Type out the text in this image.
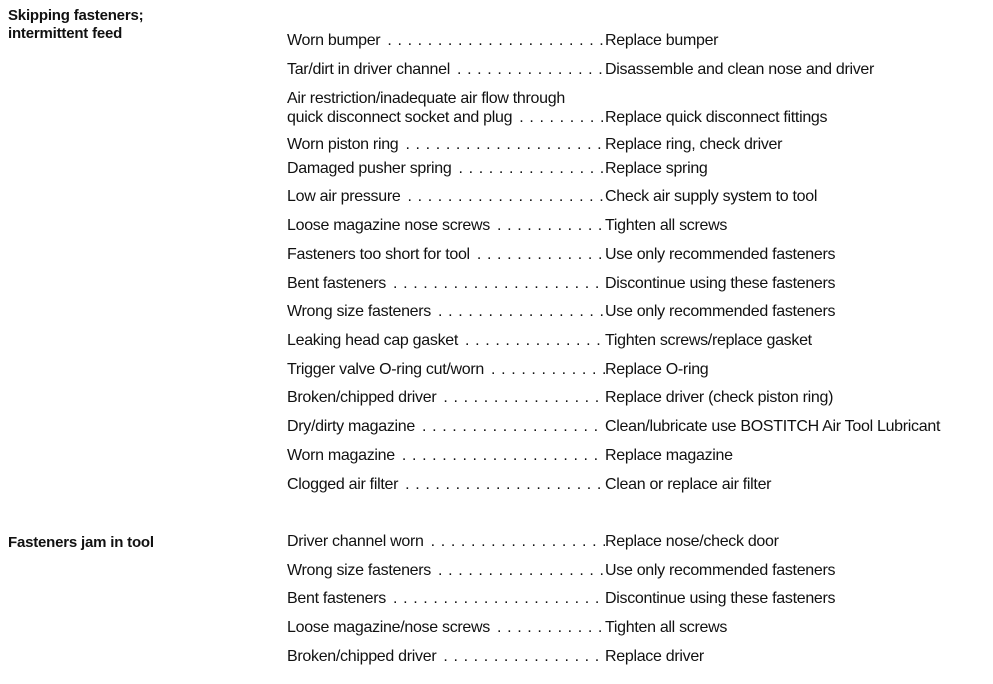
Skipping fasteners;
intermittent feed	Worn bumper . . .	Replace bumper
Tar/dirt in driver channel . . .	Disassemble and clean nose and driver
Air restriction/inadequate air flow through
quick disconnect socket and plug . . .	Replace quick disconnect fittings
Worn piston ring . . .	Replace ring, check driver
Damaged pusher spring . . .	Replace spring
Low air pressure . . .	Check air supply system to tool
Loose magazine nose screws . . .	Tighten all screws
Fasteners too short for tool . . .	Use only recommended fasteners
Bent fasteners . . .	Discontinue using these fasteners
Wrong size fasteners . . .	Use only recommended fasteners
Leaking head cap gasket . . .	Tighten screws/replace gasket
Trigger valve O-ring cut/worn . . .	Replace O-ring
Broken/chipped driver . . .	Replace driver (check piston ring)
Dry/dirty magazine . . .	Clean/lubricate use BOSTITCH Air Tool Lubricant
Worn magazine . . .	Replace magazine
Clogged air filter . . .	Clean or replace air filter
Fasteners jam in tool	Driver channel worn . . .	Replace nose/check door
Wrong size fasteners . . .	Use only recommended fasteners
Bent fasteners . . .	Discontinue using these fasteners
Loose magazine/nose screws . . .	Tighten all screws
Broken/chipped driver . . .	Replace driver
